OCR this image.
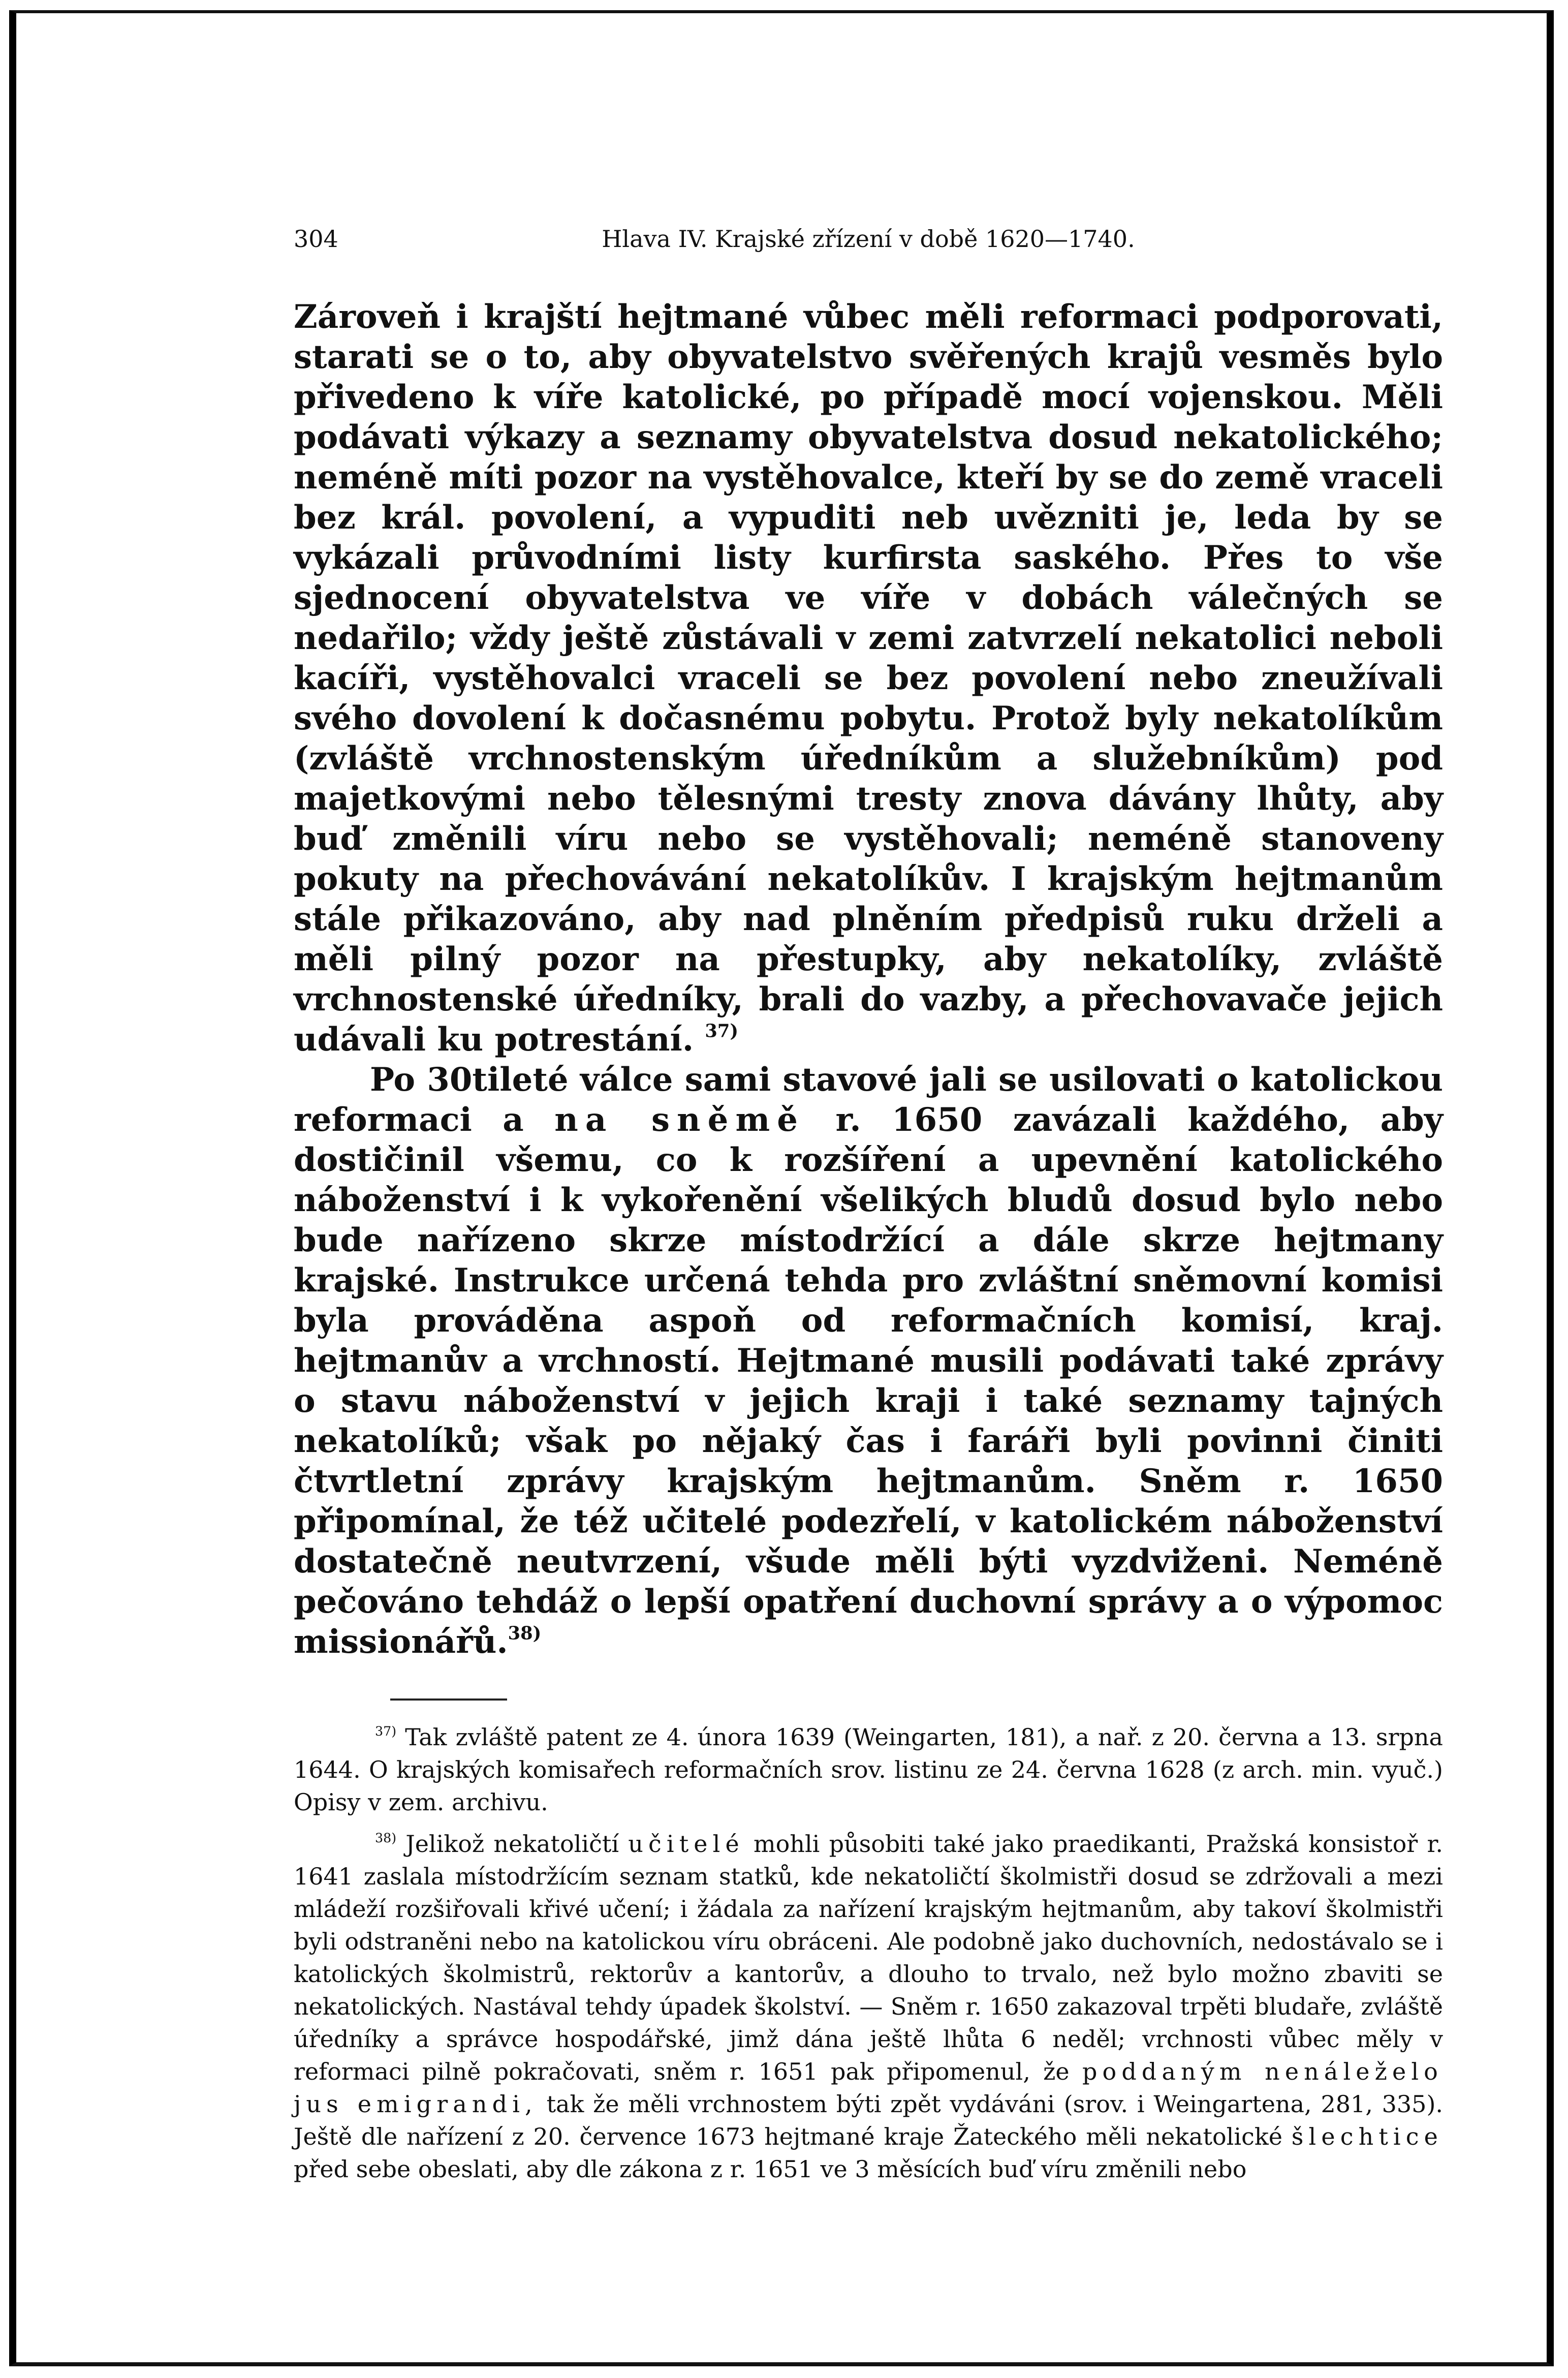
304	Hlava IV. Krajské zřízení v době 1620—1740.

Zároveň i krajští hejtmané vůbec měli reformaci podporovati, starati se o to, aby obyvatelstvo svěřených krajů vesměs bylo přivedeno k víře katolické, po případě mocí vojenskou. Měli podávati výkazy a seznamy obyvatelstva dosud nekatolického; neméně míti pozor na vystěhovalce, kteří by se do země vraceli bez král. povolení, a vypuditi neb uvězniti je, leda by se vykázali průvodními listy kurfirsta saského. Přes to vše sjednocení obyvatelstva ve víře v dobách válečných se nedařilo; vždy ještě zůstávali v zemi zatvrzelí nekatolici neboli kacíři, vystěhovalci vraceli se bez povolení nebo zneužívali svého dovolení k dočasnému pobytu. Protož byly nekatolíkům (zvláště vrchnostenským úředníkům a služebníkům) pod majetkovými nebo tělesnými tresty znova dávány lhůty, aby buď změnili víru nebo se vystěhovali; neméně stanoveny pokuty na přechovávání nekatolíkův. I krajským hejtmanům stále přikazováno, aby nad plněním předpisů ruku drželi a měli pilný pozor na přestupky, aby nekatolíky, zvláště vrchnostenské úředníky, brali do vazby, a přechovavače jejich udávali ku potrestání. $^{37)}$

Po 30tileté válce sami stavové jali se usilovati o katolickou reformaci a na sněmě r. 1650 zavázali každého, aby dostičinil všemu, co k rozšíření a upevnění katolického náboženství i k vykořenění všelikých bludů dosud bylo nebo bude nařízeno skrze místodržící a dále skrze hejtmany krajské. Instrukce určená tehda pro zvláštní sněmovní komisi byla prováděna aspoň od reformačních komisí, kraj. hejtmanův a vrchností. Hejtmané musili podávati také zprávy o stavu náboženství v jejich kraji i také seznamy tajných nekatolíků; však po nějaký čas i faráři byli povinni činiti čtvrtletní zprávy krajským hejtmanům. Sněm r. 1650 připomínal, že též učitelé podezřelí, v katolickém náboženství dostatečně neutvrzení, všude měli býti vyzdviženi. Neméně pečováno tehdáž o lepší opatření duchovní správy a o výpomoc missionářů.$^{38)}$

$^{37)}$ Tak zvláště patent ze 4. února 1639 (Weingarten, 181), a nař. z 20. června a 13. srpna 1644. O krajských komisařech reformačních srov. listinu ze 24. června 1628 (z arch. min. vyuč.) Opisy v zem. archivu.

$^{38)}$ Jelikož nekatoličtí učitelé mohli působiti také jako praedikanti, Pražská konsistoř r. 1641 zaslala místodržícím seznam statků, kde nekatoličtí školmistři dosud se zdržovali a mezi mládeží rozšiřovali křivé učení; i žádala za nařízení krajským hejtmanům, aby takoví školmistři byli odstraněni nebo na katolickou víru obráceni. Ale podobně jako duchovních, nedostávalo se i katolických školmistrů, rektorův a kantorův, a dlouho to trvalo, než bylo možno zbaviti se nekatolických. Nastával tehdy úpadek školství. — Sněm r. 1650 zakazoval trpěti bludaře, zvláště úředníky a správce hospodářské, jimž dána ještě lhůta 6 neděl; vrchnosti vůbec měly v reformaci pilně pokračovati, sněm r. 1651 pak připomenul, že poddaným nenáleželo jus emigrandi, tak že měli vrchnostem býti zpět vydáváni (srov. i Weingartena, 281, 335). Ještě dle nařízení z 20. července 1673 hejtmané kraje Žateckého měli nekatolické šlechtice před sebe obeslati, aby dle zákona z r. 1651 ve 3 měsících buď víru změnili nebo
